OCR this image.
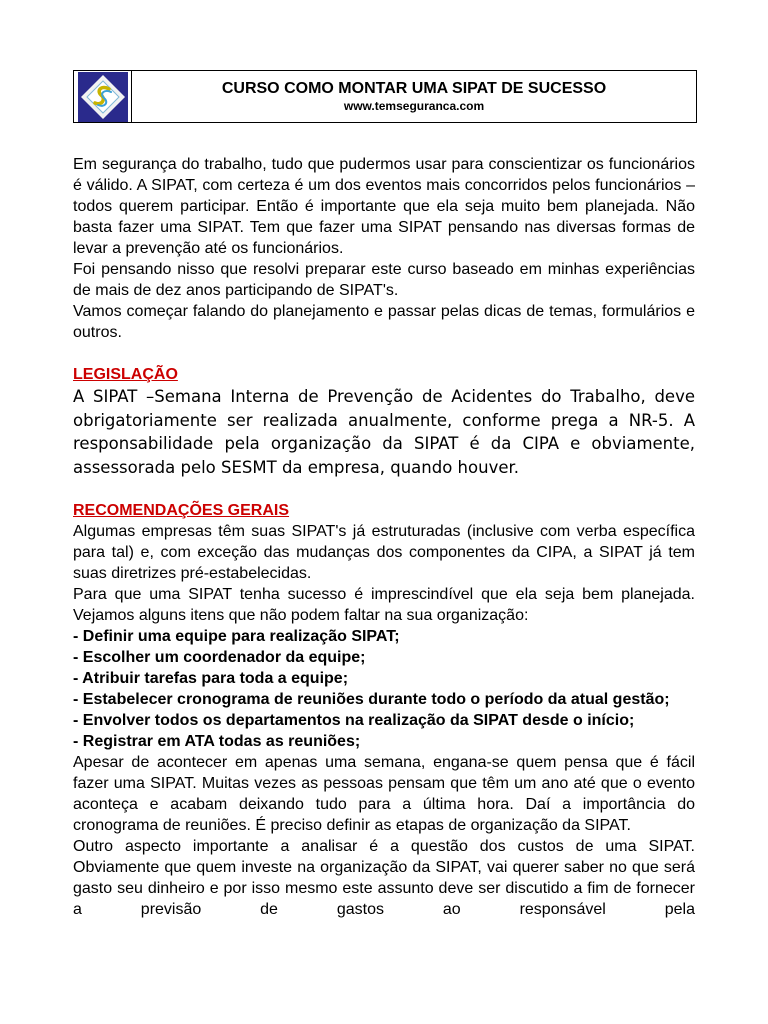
CURSO COMO MONTAR UMA SIPAT DE SUCESSO
www.temseguranca.com

Em segurança do trabalho, tudo que pudermos usar para conscientizar os funcionários é válido. A SIPAT, com certeza é um dos eventos mais concorridos pelos funcionários – todos querem participar. Então é importante que ela seja muito bem planejada. Não basta fazer uma SIPAT. Tem que fazer uma SIPAT pensando nas diversas formas de levar a prevenção até os funcionários.

Foi pensando nisso que resolvi preparar este curso baseado em minhas experiências de mais de dez anos participando de SIPAT's.

Vamos começar falando do planejamento e passar pelas dicas de temas, formulários e outros.

LEGISLAÇÃO

A SIPAT –Semana Interna de Prevenção de Acidentes do Trabalho, deve obrigatoriamente ser realizada anualmente, conforme prega a NR-5. A responsabilidade pela organização da SIPAT é da CIPA e obviamente, assessorada pelo SESMT da empresa, quando houver.

RECOMENDAÇÕES GERAIS

Algumas empresas têm suas SIPAT's já estruturadas (inclusive com verba específica para tal) e, com exceção das mudanças dos componentes da CIPA, a SIPAT já tem suas diretrizes pré-estabelecidas.

Para que uma SIPAT tenha sucesso é imprescindível que ela seja bem planejada. Vejamos alguns itens que não podem faltar na sua organização:

- Definir uma equipe para realização SIPAT;

- Escolher um coordenador da equipe;

- Atribuir tarefas para toda a equipe;

- Estabelecer cronograma de reuniões durante todo o período da atual gestão;

- Envolver todos os departamentos na realização da SIPAT desde o início;

- Registrar em ATA todas as reuniões;

Apesar de acontecer em apenas uma semana, engana-se quem pensa que é fácil fazer uma SIPAT. Muitas vezes as pessoas pensam que têm um ano até que o evento aconteça e acabam deixando tudo para a última hora. Daí a importância do cronograma de reuniões. É preciso definir as etapas de organização da SIPAT.

Outro aspecto importante a analisar é a questão dos custos de uma SIPAT. Obviamente que quem investe na organização da SIPAT, vai querer saber no que será gasto seu dinheiro e por isso mesmo este assunto deve ser discutido a fim de fornecer a previsão de gastos ao responsável pela
